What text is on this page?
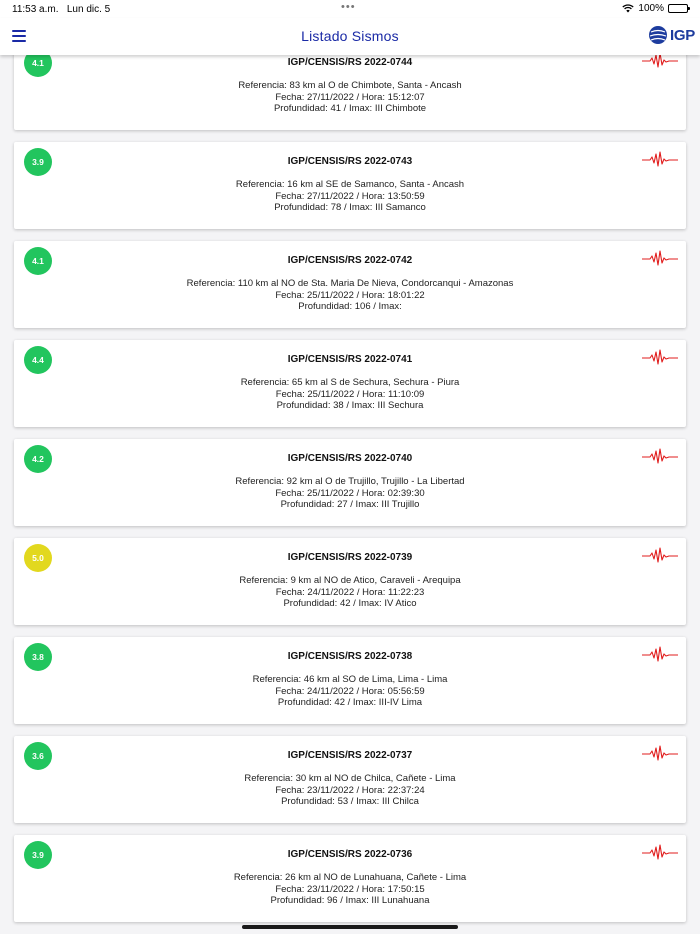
11:53 a.m. Lun dic. 5	•••	100%
Listado Sismos	IGP
4.1	IGP/CENSIS/RS 2022-0744
Referencia: 83 km al O de Chimbote, Santa - Ancash
Fecha: 27/11/2022 / Hora: 15:12:07
Profundidad: 41 / Imax: III Chimbote
3.9	IGP/CENSIS/RS 2022-0743
Referencia: 16 km al SE de Samanco, Santa - Ancash
Fecha: 27/11/2022 / Hora: 13:50:59
Profundidad: 78 / Imax: III Samanco
4.1	IGP/CENSIS/RS 2022-0742
Referencia: 110 km al NO de Sta. Maria De Nieva, Condorcanqui - Amazonas
Fecha: 25/11/2022 / Hora: 18:01:22
Profundidad: 106 / Imax:
4.4	IGP/CENSIS/RS 2022-0741
Referencia: 65 km al S de Sechura, Sechura - Piura
Fecha: 25/11/2022 / Hora: 11:10:09
Profundidad: 38 / Imax: III Sechura
4.2	IGP/CENSIS/RS 2022-0740
Referencia: 92 km al O de Trujillo, Trujillo - La Libertad
Fecha: 25/11/2022 / Hora: 02:39:30
Profundidad: 27 / Imax: III Trujillo
5.0	IGP/CENSIS/RS 2022-0739
Referencia: 9 km al NO de Atico, Caraveli - Arequipa
Fecha: 24/11/2022 / Hora: 11:22:23
Profundidad: 42 / Imax: IV Atico
3.8	IGP/CENSIS/RS 2022-0738
Referencia: 46 km al SO de Lima, Lima - Lima
Fecha: 24/11/2022 / Hora: 05:56:59
Profundidad: 42 / Imax: III-IV Lima
3.6	IGP/CENSIS/RS 2022-0737
Referencia: 30 km al NO de Chilca, Cañete - Lima
Fecha: 23/11/2022 / Hora: 22:37:24
Profundidad: 53 / Imax: III Chilca
3.9	IGP/CENSIS/RS 2022-0736
Referencia: 26 km al NO de Lunahuana, Cañete - Lima
Fecha: 23/11/2022 / Hora: 17:50:15
Profundidad: 96 / Imax: III Lunahuana
